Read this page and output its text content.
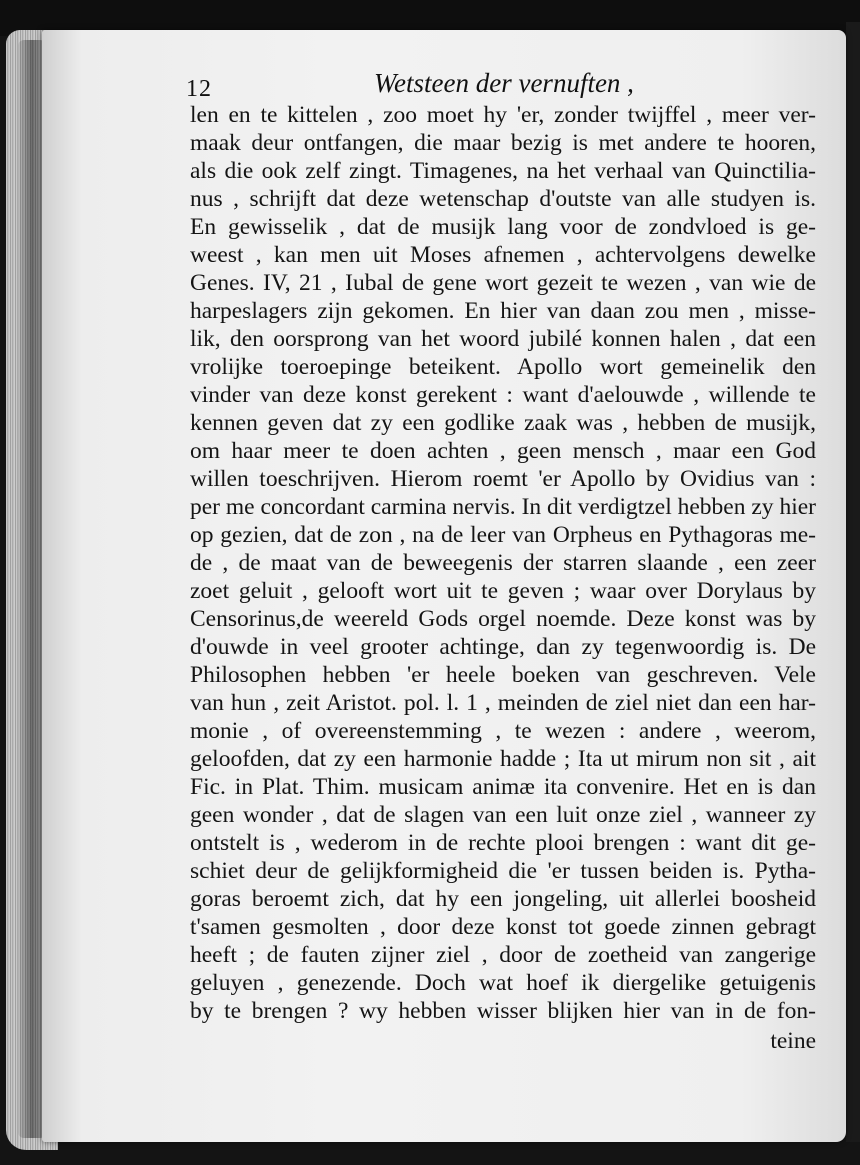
12	Wetsteen der vernuften ,
len en te kittelen , zoo moet hy 'er, zonder twijffel , meer ver-
maak deur ontfangen, die maar bezig is met andere te hooren,
als die ook zelf zingt. Timagenes, na het verhaal van Quinctilia-
nus , schrijft dat deze wetenschap d'outste van alle studyen is.
En gewisselik , dat de musijk lang voor de zondvloed is ge-
weest , kan men uit Moses afnemen , achtervolgens dewelke
Genes. IV, 21 , Iubal de gene wort gezeit te wezen , van wie de
harpeslagers zijn gekomen. En hier van daan zou men , misse-
lik, den oorsprong van het woord jubilé konnen halen , dat een
vrolijke toeroepinge beteikent. Apollo wort gemeinelik den
vinder van deze konst gerekent : want d'aelouwde , willende te
kennen geven dat zy een godlike zaak was , hebben de musijk,
om haar meer te doen achten , geen mensch , maar een God
willen toeschrijven. Hierom roemt 'er Apollo by Ovidius van :
per me concordant carmina nervis. In dit verdigtzel hebben zy hier
op gezien, dat de zon , na de leer van Orpheus en Pythagoras me-
de , de maat van de beweegenis der starren slaande , een zeer
zoet geluit , gelooft wort uit te geven ; waar over Dorylaus by
Censorinus,de weereld Gods orgel noemde. Deze konst was by
d'ouwde in veel grooter achtinge, dan zy tegenwoordig is. De
Philosophen hebben 'er heele boeken van geschreven. Vele
van hun , zeit Aristot. pol. l. 1 , meinden de ziel niet dan een har-
monie , of overeenstemming , te wezen : andere , weerom,
geloofden, dat zy een harmonie hadde ; Ita ut mirum non sit , ait
Fic. in Plat. Thim. musicam animæ ita convenire. Het en is dan
geen wonder , dat de slagen van een luit onze ziel , wanneer zy
ontstelt is , wederom in de rechte plooi brengen : want dit ge-
schiet deur de gelijkformigheid die 'er tussen beiden is. Pytha-
goras beroemt zich, dat hy een jongeling, uit allerlei boosheid
t'samen gesmolten , door deze konst tot goede zinnen gebragt
heeft ; de fauten zijner ziel , door de zoetheid van zangerige
geluyen , genezende. Doch wat hoef ik diergelike getuigenis
by te brengen ? wy hebben wisser blijken hier van in de fon-
teine
